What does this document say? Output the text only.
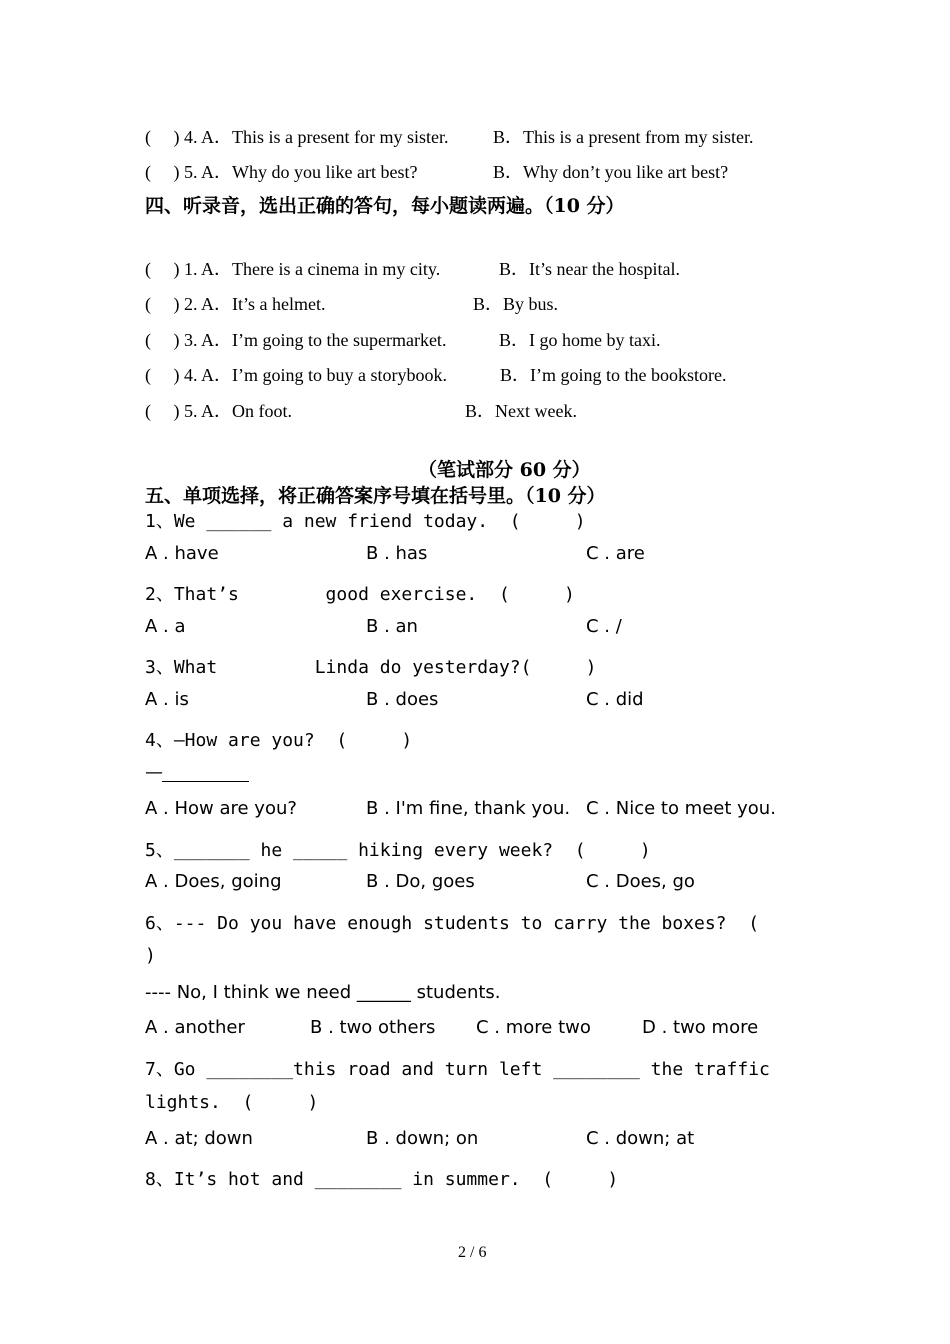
(     ) 4. A．This is a present for my sister. B．This is a present from my sister.
(     ) 5. A．Why do you like art best?	B．Why don’t you like art best?
四、听录音，选出正确的答句，每小题读两遍。（10 分）
(     ) 1. A．There is a cinema in my city.	B．It’s near the hospital.
(     ) 2. A．It’s a helmet.	B．By bus.
(     ) 3. A．I’m going to the supermarket.	B．I go home by taxi.
(     ) 4. A．I’m going to buy a storybook.	B．I’m going to the bookstore.
(     ) 5. A．On foot.	B．Next week.
（笔试部分 60 分）
五、单项选择，将正确答案序号填在括号里。（10 分）
1、We ______ a new friend today.  (     )
A . have	B . has	C . are
2、That’s        good exercise.  (     )
A . a	B . an	C . /
3、What         Linda do yesterday?(     )
A . is	B . does	C . did
4、—How are you?  (     )
—
A . How are you?	B . I'm fine, thank you. C . Nice to meet you.
5、_______ he _____ hiking every week?  (     )
A . Does, going	B . Do, goes	C . Does, go
6、--- Do you have enough students to carry the boxes?  (
)
---- No, I think we need ______ students.
A . another	B . two others C . more two	D . two more
7、Go ________this road and turn left ________ the traffic
lights.  (     )
A . at; down	B . down; on	C . down; at
8、It’s hot and ________ in summer.  (     )
2 / 6
